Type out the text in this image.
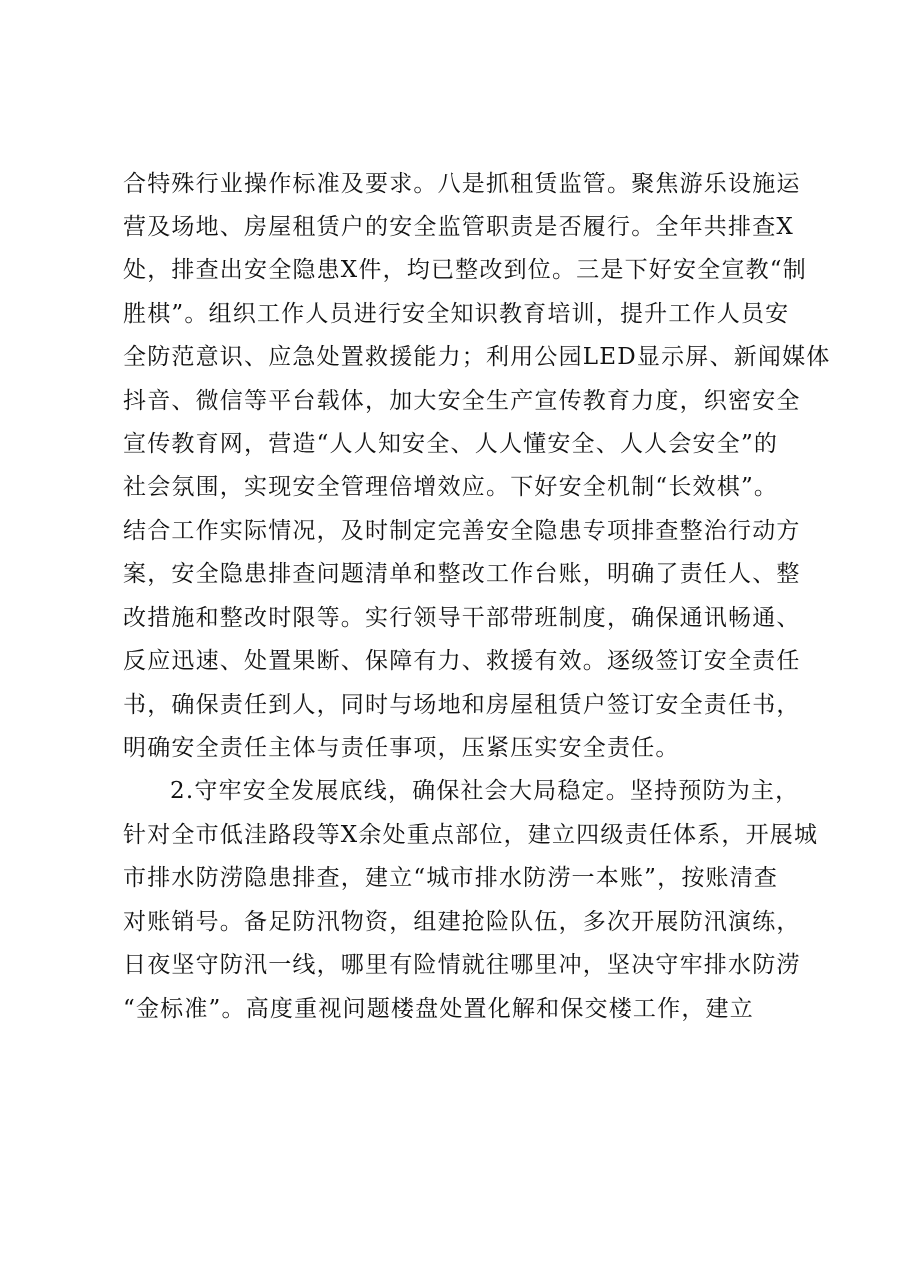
合特殊行业操作标准及要求。八是抓租赁监管。聚焦游乐设施运
营及场地、房屋租赁户的安全监管职责是否履行。全年共排查X
处，排查出安全隐患X件，均已整改到位。三是下好安全宣教“制
胜棋”。组织工作人员进行安全知识教育培训，提升工作人员安
全防范意识、应急处置救援能力；利用公园LED显示屏、新闻媒体
抖音、微信等平台载体，加大安全生产宣传教育力度，织密安全
宣传教育网，营造“人人知安全、人人懂安全、人人会安全”的
社会氛围，实现安全管理倍增效应。下好安全机制“长效棋”。
结合工作实际情况，及时制定完善安全隐患专项排查整治行动方
案，安全隐患排查问题清单和整改工作台账，明确了责任人、整
改措施和整改时限等。实行领导干部带班制度，确保通讯畅通、
反应迅速、处置果断、保障有力、救援有效。逐级签订安全责任
书，确保责任到人，同时与场地和房屋租赁户签订安全责任书，
明确安全责任主体与责任事项，压紧压实安全责任。
2.守牢安全发展底线，确保社会大局稳定。坚持预防为主，
针对全市低洼路段等X余处重点部位，建立四级责任体系，开展城
市排水防涝隐患排查，建立“城市排水防涝一本账”，按账清查
对账销号。备足防汛物资，组建抢险队伍，多次开展防汛演练，
日夜坚守防汛一线，哪里有险情就往哪里冲，坚决守牢排水防涝
“金标准”。高度重视问题楼盘处置化解和保交楼工作，建立
